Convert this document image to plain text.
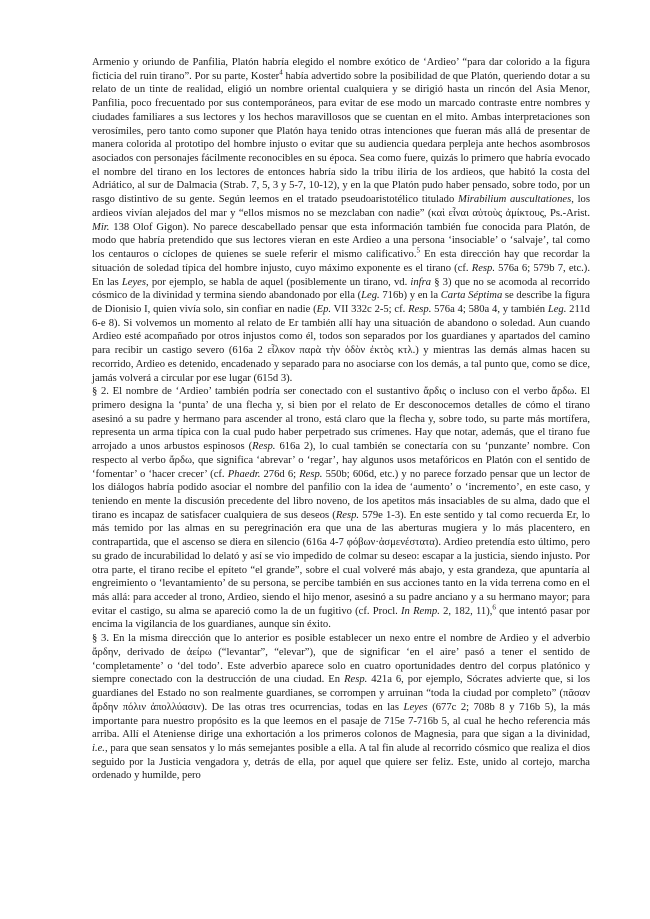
Armenio y oriundo de Panfilia, Platón habría elegido el nombre exótico de ‘Ardieo’ “para dar colorido a la figura ficticia del ruin tirano”. Por su parte, Koster$^4$ había advertido sobre la posibilidad de que Platón, queriendo dotar a su relato de un tinte de realidad, eligió un nombre oriental cualquiera y se dirigió hasta un rincón del Asia Menor, Panfilia, poco frecuentado por sus contemporáneos, para evitar de ese modo un marcado contraste entre nombres y ciudades familiares a sus lectores y los hechos maravillosos que se cuentan en el mito. Ambas interpretaciones son verosímiles, pero tanto como suponer que Platón haya tenido otras intenciones que fueran más allá de presentar de manera colorida al prototipo del hombre injusto o evitar que su audiencia quedara perpleja ante hechos asombrosos asociados con personajes fácilmente reconocibles en su época. Sea como fuere, quizás lo primero que habría evocado el nombre del tirano en los lectores de entonces habría sido la tribu iliria de los ardieos, que habitó la costa del Adriático, al sur de Dalmacia (Strab. 7, 5, 3 y 5-7, 10-12), y en la que Platón pudo haber pensado, sobre todo, por un rasgo distintivo de su gente. Según leemos en el tratado pseudoaristotélico titulado Mirabilium auscultationes, los ardieos vivían alejados del mar y “ellos mismos no se mezclaban con nadie” (καὶ εἶναι αὐτοὺς ἀμίκτους, Ps.-Arist. Mir. 138 Olof Gigon). No parece descabellado pensar que esta información también fue conocida para Platón, de modo que habría pretendido que sus lectores vieran en este Ardieo a una persona ‘insociable’ o ‘salvaje’, tal como los centauros o cíclopes de quienes se suele referir el mismo calificativo.$^5$ En esta dirección hay que recordar la situación de soledad típica del hombre injusto, cuyo máximo exponente es el tirano (cf. Resp. 576a 6; 579b 7, etc.). En las Leyes, por ejemplo, se habla de aquel (posiblemente un tirano, vd. infra § 3) que no se acomoda al recorrido cósmico de la divinidad y termina siendo abandonado por ella (Leg. 716b) y en la Carta Séptima se describe la figura de Dionisio I, quien vivía solo, sin confiar en nadie (Ep. VII 332c 2-5; cf. Resp. 576a 4; 580a 4, y también Leg. 211d 6-e 8). Si volvemos un momento al relato de Er también allí hay una situación de abandono o soledad. Aun cuando Ardieo esté acompañado por otros injustos como él, todos son separados por los guardianes y apartados del camino para recibir un castigo severo (616a 2 εἶλκον παρὰ τὴν ὁδὸν ἐκτὸς κτλ.) y mientras las demás almas hacen su recorrido, Ardieo es detenido, encadenado y separado para no asociarse con los demás, a tal punto que, como se dice, jamás volverá a circular por ese lugar (615d 3).

§ 2. El nombre de ‘Ardieo’ también podría ser conectado con el sustantivo ἄρδις o incluso con el verbo ἄρδω. El primero designa la ‘punta’ de una flecha y, si bien por el relato de Er desconocemos detalles de cómo el tirano asesinó a su padre y hermano para ascender al trono, está claro que la flecha y, sobre todo, su parte más mortífera, representa un arma típica con la cual pudo haber perpetrado sus crímenes. Hay que notar, además, que el tirano fue arrojado a unos arbustos espinosos (Resp. 616a 2), lo cual también se conectaría con su ‘punzante’ nombre. Con respecto al verbo ἄρδω, que significa ‘abrevar’ o ‘regar’, hay algunos usos metafóricos en Platón con el sentido de ‘fomentar’ o ‘hacer crecer’ (cf. Phaedr. 276d 6; Resp. 550b; 606d, etc.) y no parece forzado pensar que un lector de los diálogos habría podido asociar el nombre del panfilio con la idea de ‘aumento’ o ‘incremento’, en este caso, y teniendo en mente la discusión precedente del libro noveno, de los apetitos más insaciables de su alma, dado que el tirano es incapaz de satisfacer cualquiera de sus deseos (Resp. 579e 1-3). En este sentido y tal como recuerda Er, lo más temido por las almas en su peregrinación era que una de las aberturas mugiera y lo más placentero, en contrapartida, que el ascenso se diera en silencio (616a 4-7 φόβων·ἀσμενέστατα). Ardieo pretendía esto último, pero su grado de incurabilidad lo delató y así se vio impedido de colmar su deseo: escapar a la justicia, siendo injusto. Por otra parte, el tirano recibe el epíteto “el grande”, sobre el cual volveré más abajo, y esta grandeza, que apuntaría al engreimiento o ‘levantamiento’ de su persona, se percibe también en sus acciones tanto en la vida terrena como en el más allá: para acceder al trono, Ardieo, siendo el hijo menor, asesinó a su padre anciano y a su hermano mayor; para evitar el castigo, su alma se apareció como la de un fugitivo (cf. Procl. In Remp. 2, 182, 11),$^6$ que intentó pasar por encima la vigilancia de los guardianes, aunque sin éxito.

§ 3. En la misma dirección que lo anterior es posible establecer un nexo entre el nombre de Ardieo y el adverbio ἄρδην, derivado de ἀείρω (“levantar”, “elevar”), que de significar ‘en el aire’ pasó a tener el sentido de ‘completamente’ o ‘del todo’. Este adverbio aparece solo en cuatro oportunidades dentro del corpus platónico y siempre conectado con la destrucción de una ciudad. En Resp. 421a 6, por ejemplo, Sócrates advierte que, si los guardianes del Estado no son realmente guardianes, se corrompen y arruinan “toda la ciudad por completo” (πᾶσαν ἄρδην πόλιν ἀπολλύασιν). De las otras tres ocurrencias, todas en las Leyes (677c 2; 708b 8 y 716b 5), la más importante para nuestro propósito es la que leemos en el pasaje de 715e 7-716b 5, al cual he hecho referencia más arriba. Allí el Ateniense dirige una exhortación a los primeros colonos de Magnesia, para que sigan a la divinidad, i.e., para que sean sensatos y lo más semejantes posible a ella. A tal fin alude al recorrido cósmico que realiza el dios seguido por la Justicia vengadora y, detrás de ella, por aquel que quiere ser feliz. Este, unido al cortejo, marcha ordenado y humilde, pero
